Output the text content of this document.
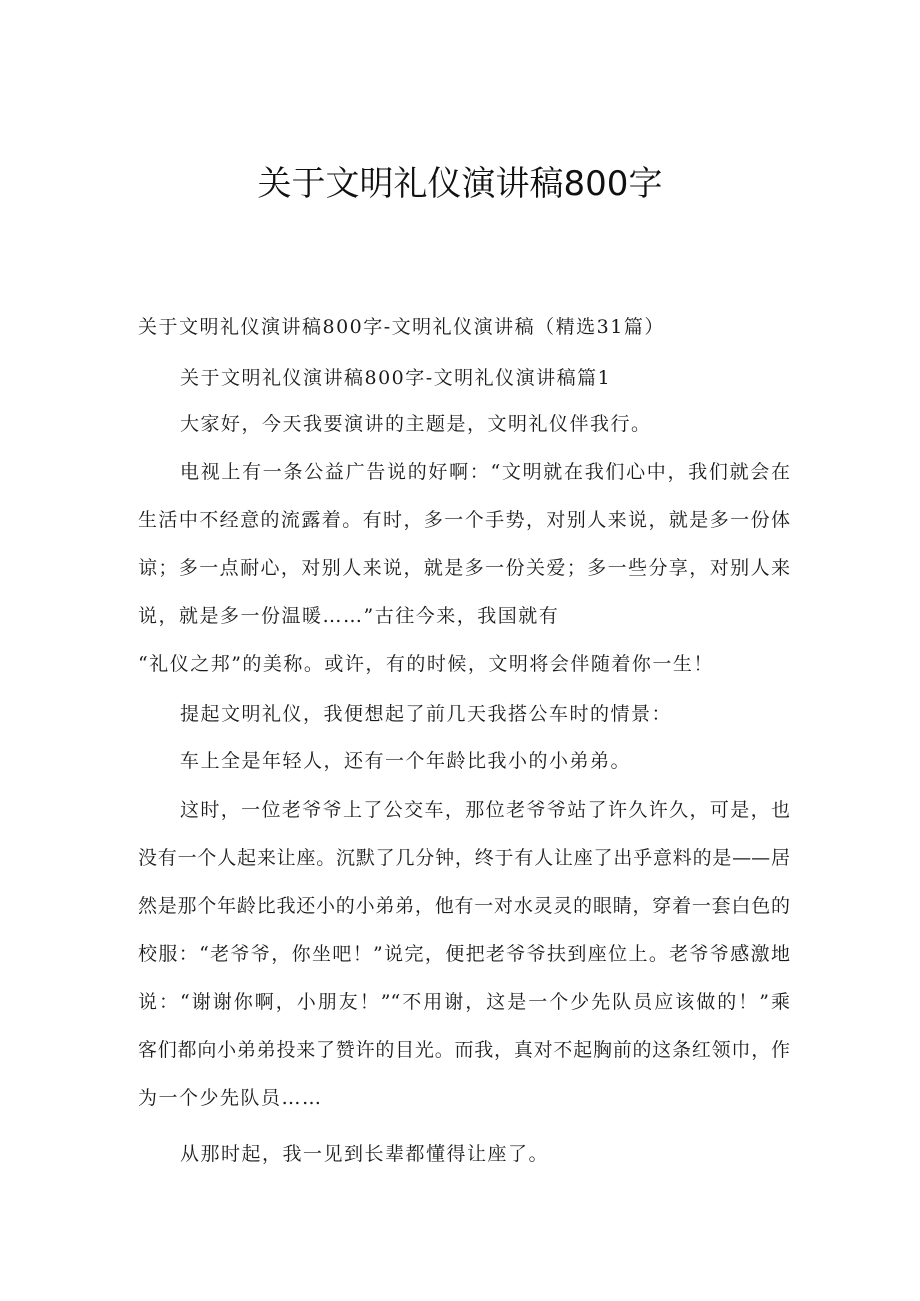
关于文明礼仪演讲稿800字
关于文明礼仪演讲稿800字-文明礼仪演讲稿（精选31篇）
关于文明礼仪演讲稿800字-文明礼仪演讲稿篇1
大家好，今天我要演讲的主题是，文明礼仪伴我行。
电视上有一条公益广告说的好啊：“文明就在我们心中，我们就会在
生活中不经意的流露着。有时，多一个手势，对别人来说，就是多一份体
谅；多一点耐心，对别人来说，就是多一份关爱；多一些分享，对别人来
说，就是多一份温暖……”古往今来，我国就有
“礼仪之邦”的美称。或许，有的时候，文明将会伴随着你一生！
提起文明礼仪，我便想起了前几天我搭公车时的情景：
车上全是年轻人，还有一个年龄比我小的小弟弟。
这时，一位老爷爷上了公交车，那位老爷爷站了许久许久，可是，也
没有一个人起来让座。沉默了几分钟，终于有人让座了出乎意料的是——居
然是那个年龄比我还小的小弟弟，他有一对水灵灵的眼睛，穿着一套白色的
校服：“老爷爷，你坐吧！”说完，便把老爷爷扶到座位上。老爷爷感激地
说：“谢谢你啊，小朋友！”“不用谢，这是一个少先队员应该做的！”乘
客们都向小弟弟投来了赞许的目光。而我，真对不起胸前的这条红领巾，作
为一个少先队员……
从那时起，我一见到长辈都懂得让座了。
